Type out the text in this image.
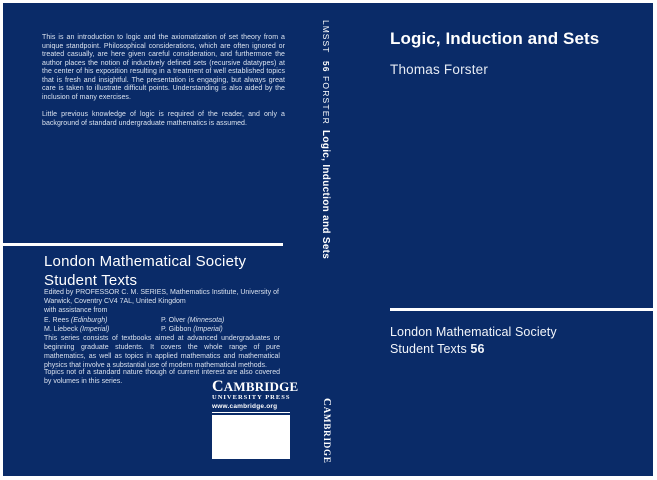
This is an introduction to logic and the axiomatization of set theory from a unique standpoint. Philosophical considerations, which are often ignored or treated casually, are here given careful consideration, and furthermore the author places the notion of inductively defined sets (recursive datatypes) at the center of his exposition resulting in a treatment of well established topics that is fresh and insightful. The presentation is engaging, but always great care is taken to illustrate difficult points. Understanding is also aided by the inclusion of many exercises.
Little previous knowledge of logic is required of the reader, and only a background of standard undergraduate mathematics is assumed.
London Mathematical Society
Student Texts
Edited by PROFESSOR C. M. SERIES, Mathematics Institute, University of Warwick, Coventry CV4 7AL, United Kingdom
with assistance from
E. Rees (Edinburgh)	P. Olver (Minnesota)
M. Liebeck (Imperial)	P. Gibbon (Imperial)
This series consists of textbooks aimed at advanced undergraduates or beginning graduate students. It covers the whole range of pure mathematics, as well as topics in applied mathematics and mathematical physics that involve a substantial use of modern mathematical methods.
Topics not of a standard nature though of current interest are also covered by volumes in this series.	CAMBRIDGE
UNIVERSITY PRESS
www.cambridge.org
LMSST 56
FORSTER
Logic, Induction and Sets
CAMBRIDGE
Logic, Induction and Sets
Thomas Forster
London Mathematical Society
Student Texts 56
